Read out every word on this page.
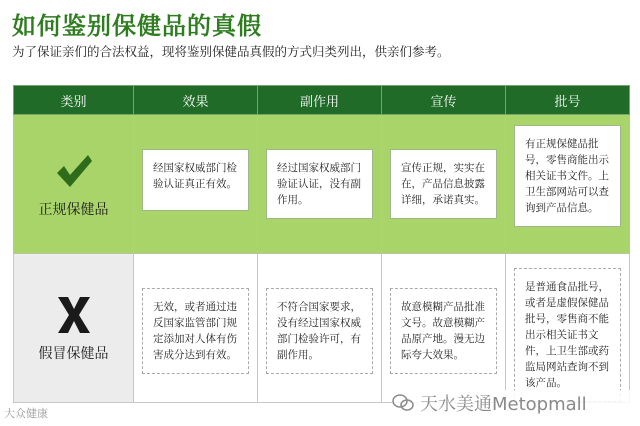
如何鉴别保健品的真假
为了保证亲们的合法权益，现将鉴别保健品真假的方式归类列出，供亲们参考。
类别	效果	副作用	宣传	批号

正规保健品	经国家权威部门检验认证真正有效。	经过国家权威部门验证认证，没有副作用。	宣传正规，实实在在，产品信息披露详细，承诺真实。	有正规保健品批号，零售商能出示相关证书文件。上卫生部网站可以查询到产品信息。

假冒保健品	无效，或者通过违反国家监管部门规定添加对人体有伤害成分达到有效。	不符合国家要求，没有经过国家权威部门检验许可，有副作用。	故意模糊产品批准文号。故意模糊产品原产地。漫无边际夸大效果。	是普通食品批号，或者是虚假保健品批号，零售商不能出示相关证书文件，上卫生部或药监局网站查询不到该产品。
大众健康	天水美通Metopmall
